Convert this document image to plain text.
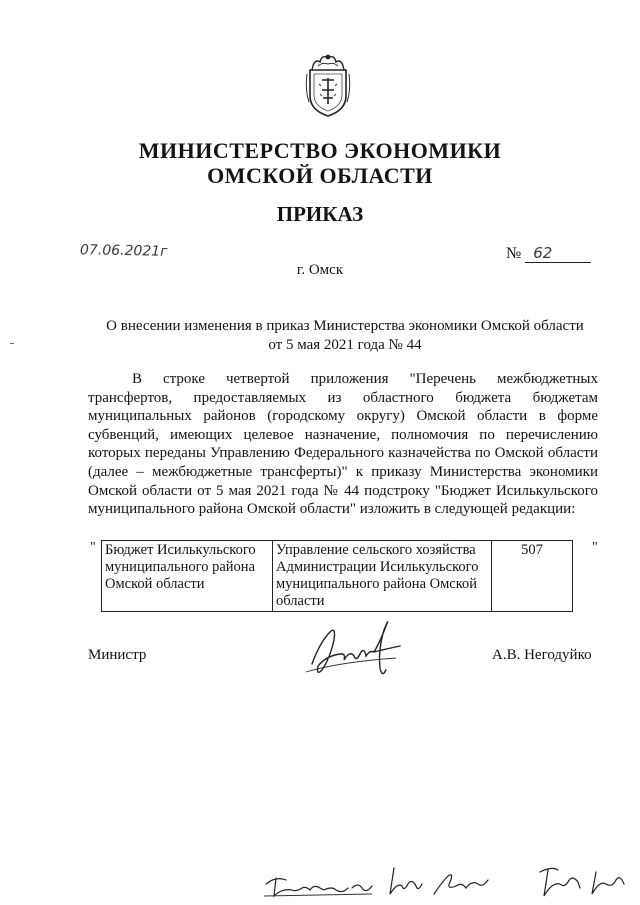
МИНИСТЕРСТВО ЭКОНОМИКИ
ОМСКОЙ ОБЛАСТИ
ПРИКАЗ
07.06.2021г	№ 62
г. Омск
О внесении изменения в приказ Министерства экономики Омской области
от 5 мая 2021 года № 44
В строке четвертой приложения "Перечень межбюджетных трансфертов, предоставляемых из областного бюджета бюджетам муниципальных районов (городскому округу) Омской области в форме субвенций, имеющих целевое назначение, полномочия по перечислению которых переданы Управлению Федерального казначейства по Омской области (далее – межбюджетные трансферты)" к приказу Министерства экономики Омской области от 5 мая 2021 года № 44 подстроку "Бюджет Исилькульского муниципального района Омской области" изложить в следующей редакции:
" Бюджет Исилькульского муниципального района Омской области	Управление сельского хозяйства Администрации Исилькульского муниципального района Омской области	507	"
Министр	А.В. Негодуйко
